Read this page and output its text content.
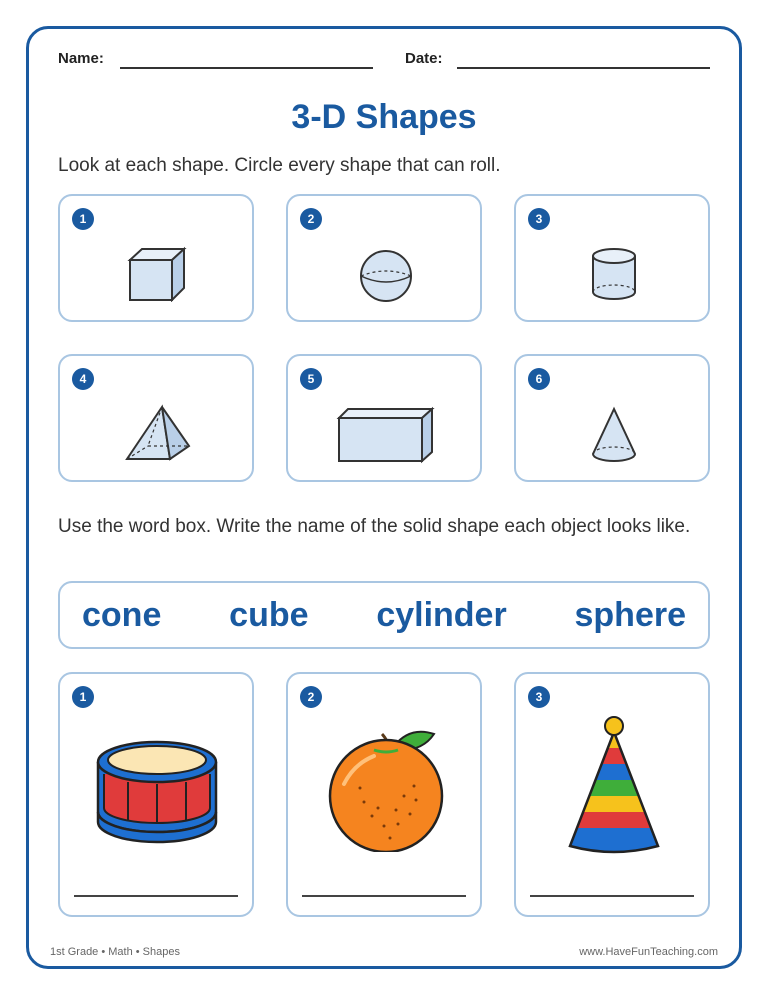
Name:	Date:
3-D Shapes
Look at each shape. Circle every shape that can roll.
1	2	3
4	5	6
Use the word box. Write the name of the solid shape each object looks like.
cone cube cylinder sphere
1	2	3
1st Grade • Math • Shapes	www.HaveFunTeaching.com
